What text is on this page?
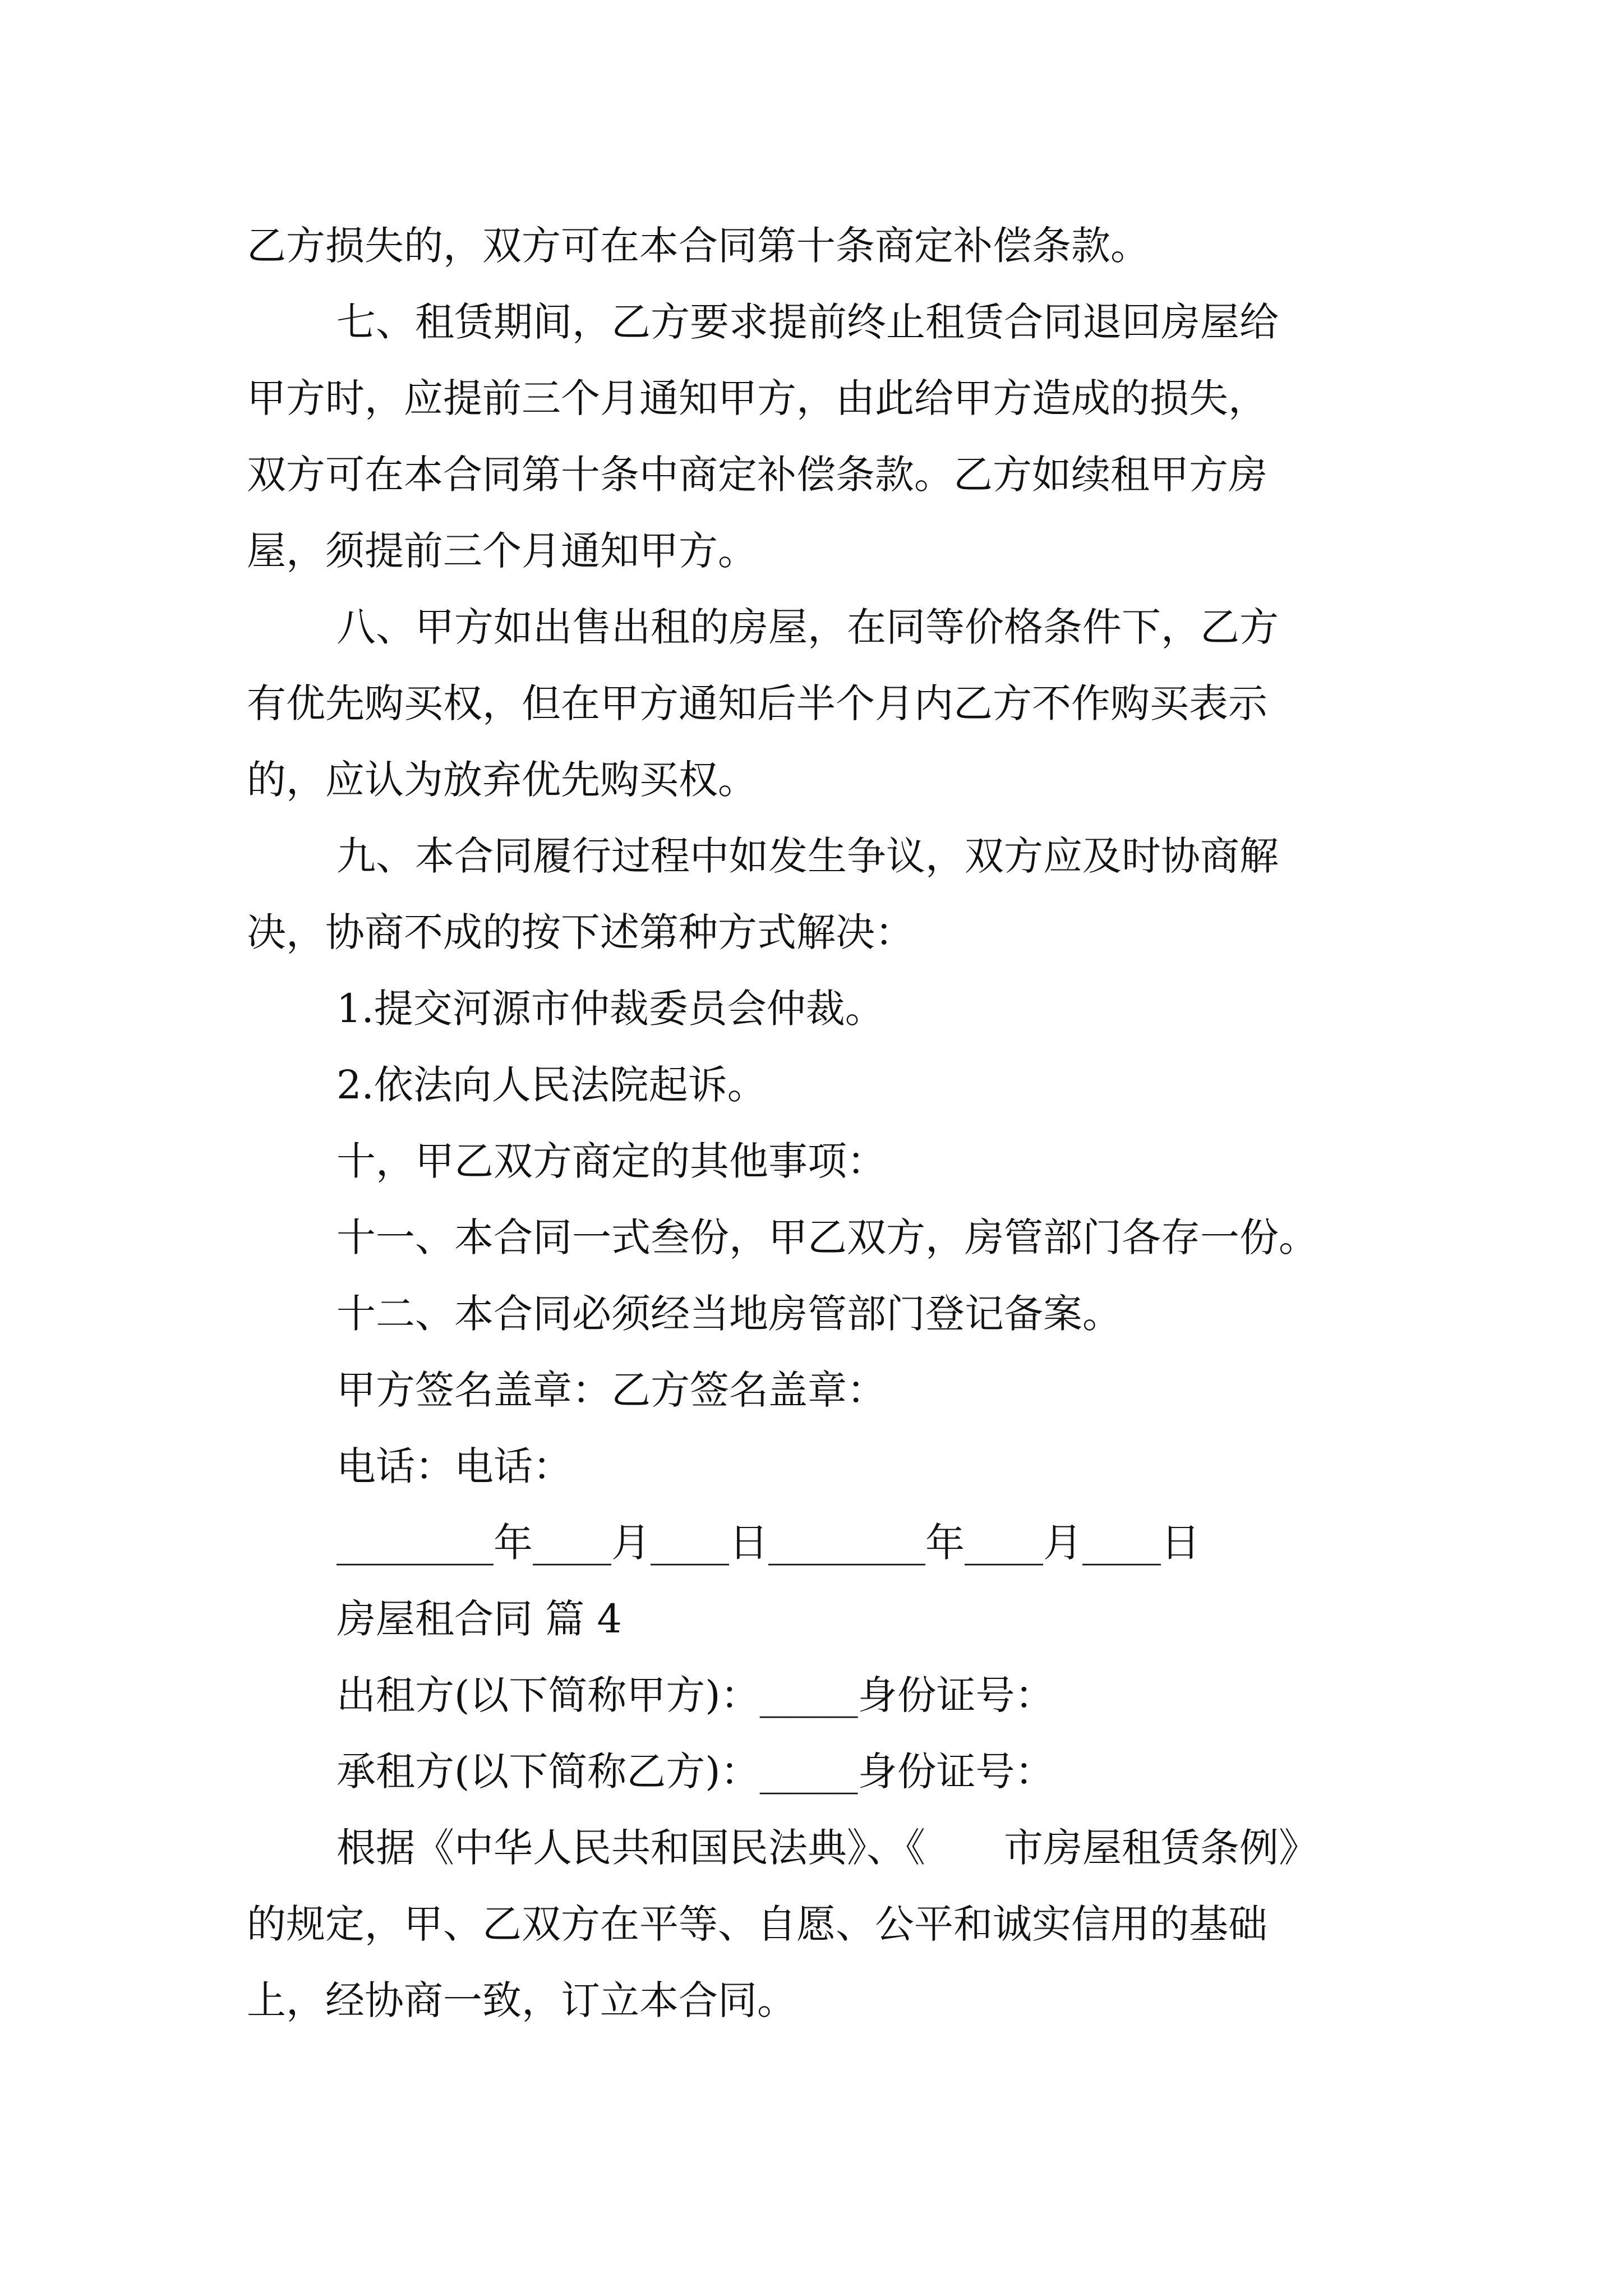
乙方损失的，双方可在本合同第十条商定补偿条款。
七、租赁期间，乙方要求提前终止租赁合同退回房屋给
甲方时，应提前三个月通知甲方，由此给甲方造成的损失，
双方可在本合同第十条中商定补偿条款。乙方如续租甲方房
屋，须提前三个月通知甲方。
八、甲方如出售出租的房屋，在同等价格条件下，乙方
有优先购买权，但在甲方通知后半个月内乙方不作购买表示
的，应认为放弃优先购买权。
九、本合同履行过程中如发生争议，双方应及时协商解
决，协商不成的按下述第种方式解决：
1.提交河源市仲裁委员会仲裁。
2.依法向人民法院起诉。
十，甲乙双方商定的其他事项：
十一、本合同一式叁份，甲乙双方，房管部门各存一份。
十二、本合同必须经当地房管部门登记备案。
甲方签名盖章：乙方签名盖章：
电话：电话：
________年____月____日________年____月____日
房屋租合同 篇 4
出租方(以下简称甲方)：_____身份证号：
承租方(以下简称乙方)：_____身份证号：
根据《中华人民共和国民法典》、《 市房屋租赁条例》
的规定，甲、乙双方在平等、自愿、公平和诚实信用的基础
上，经协商一致，订立本合同。
